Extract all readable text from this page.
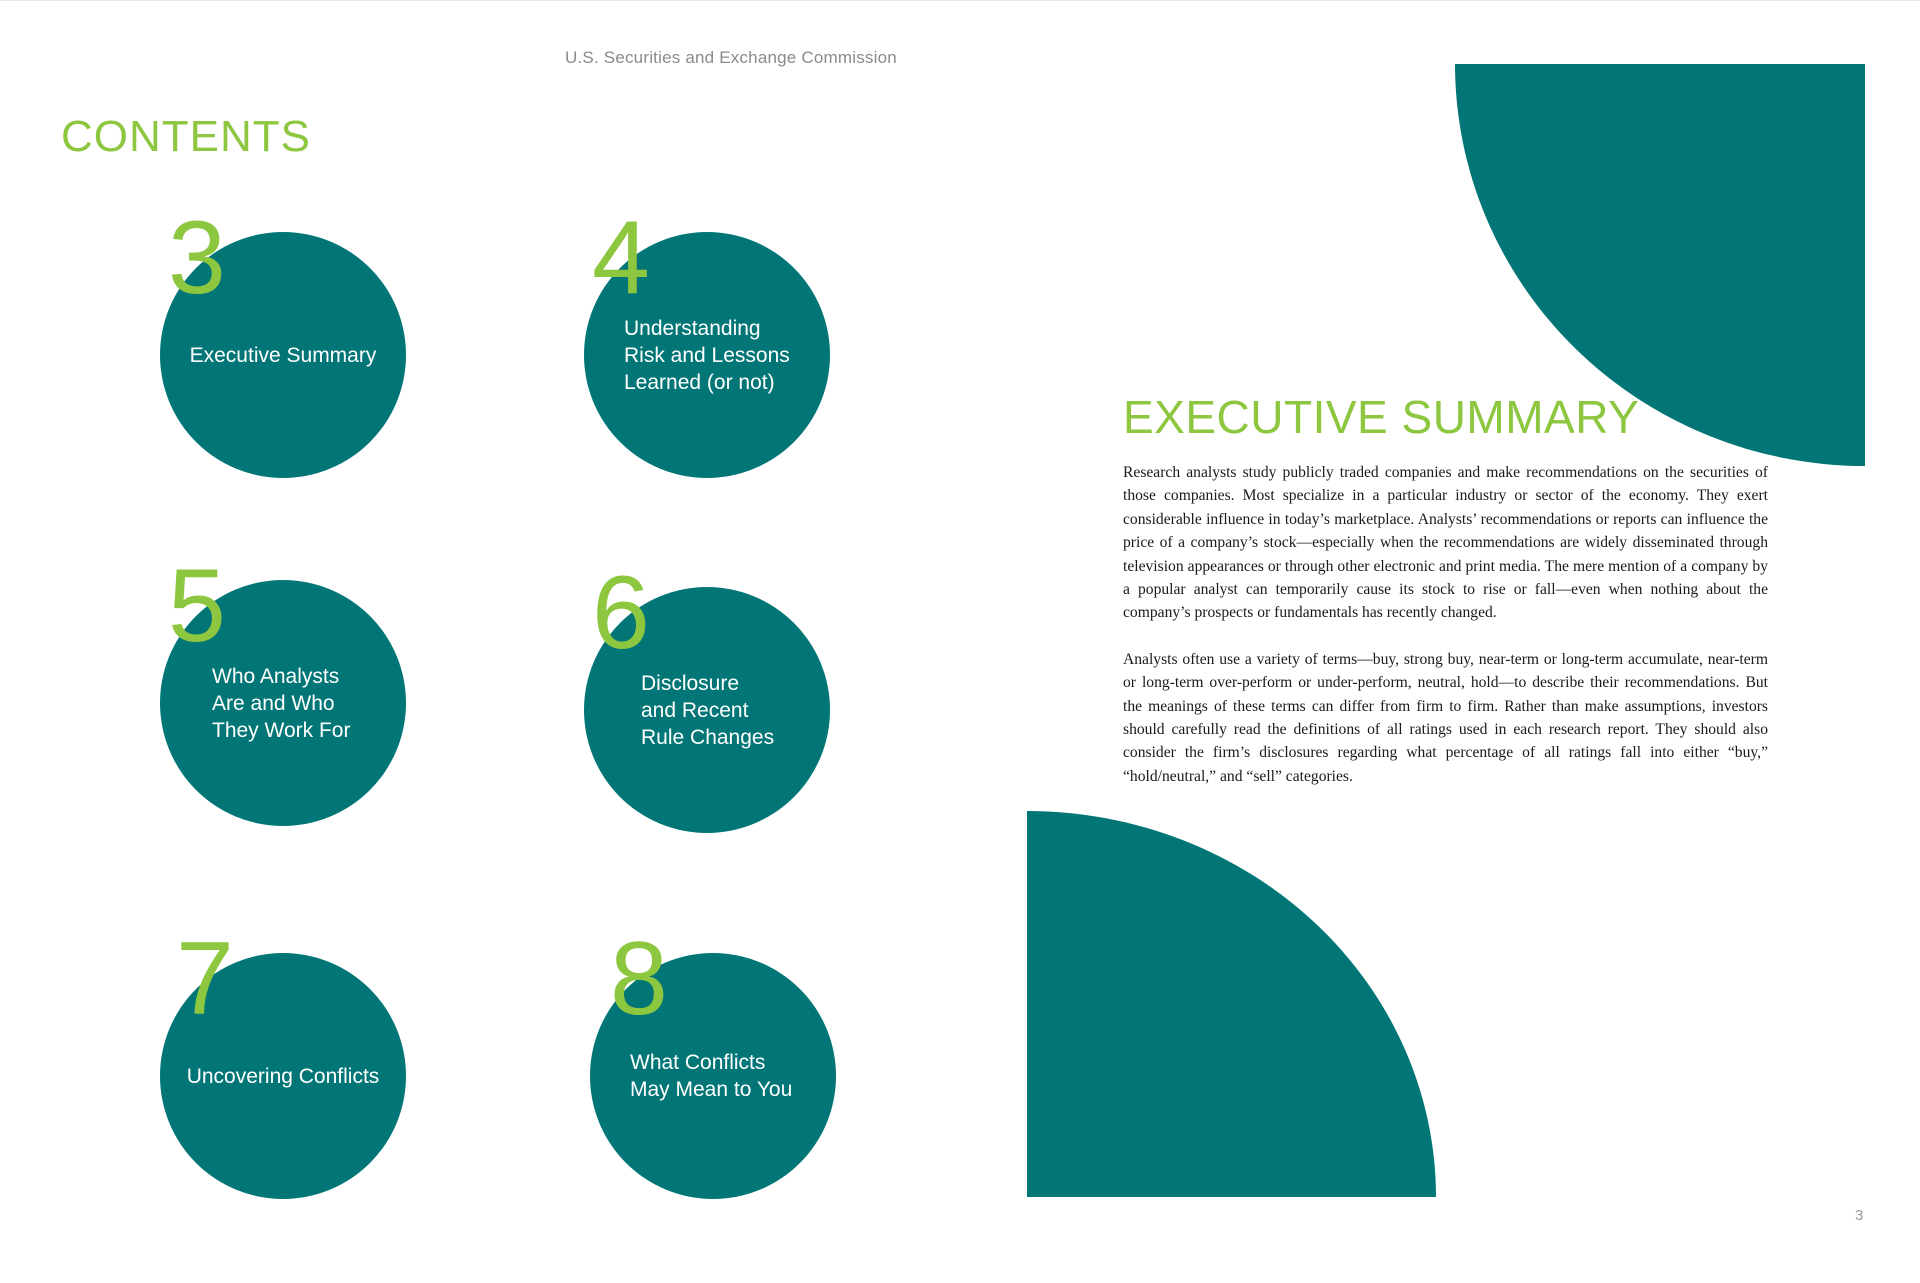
U.S. Securities and Exchange Commission
CONTENTS
Executive Summary
3
Understanding
Risk and Lessons
Learned (or not)
4
Who Analysts
Are and Who
They Work For
5
Disclosure
and Recent
Rule Changes
6
Uncovering Conflicts
7
What Conflicts
May Mean to You
8
EXECUTIVE SUMMARY

Research analysts study publicly traded companies and make recommendations on the securities of those companies. Most specialize in a particular industry or sector of the economy. They exert considerable influence in today’s marketplace. Analysts’ recommendations or reports can influence the price of a company’s stock—especially when the recommendations are widely disseminated through television appearances or through other electronic and print media. The mere mention of a company by a popular analyst can temporarily cause its stock to rise or fall—even when nothing about the company’s prospects or fundamentals has recently changed.

Analysts often use a variety of terms—buy, strong buy, near-term or long-term accumulate, near-term or long-term over-perform or under-perform, neutral, hold—to describe their recommendations. But the meanings of these terms can differ from firm to firm. Rather than make assumptions, investors should carefully read the definitions of all ratings used in each research report. They should also consider the firm’s disclosures regarding what percentage of all ratings fall into either “buy,” “hold/neutral,” and “sell” categories.

3
